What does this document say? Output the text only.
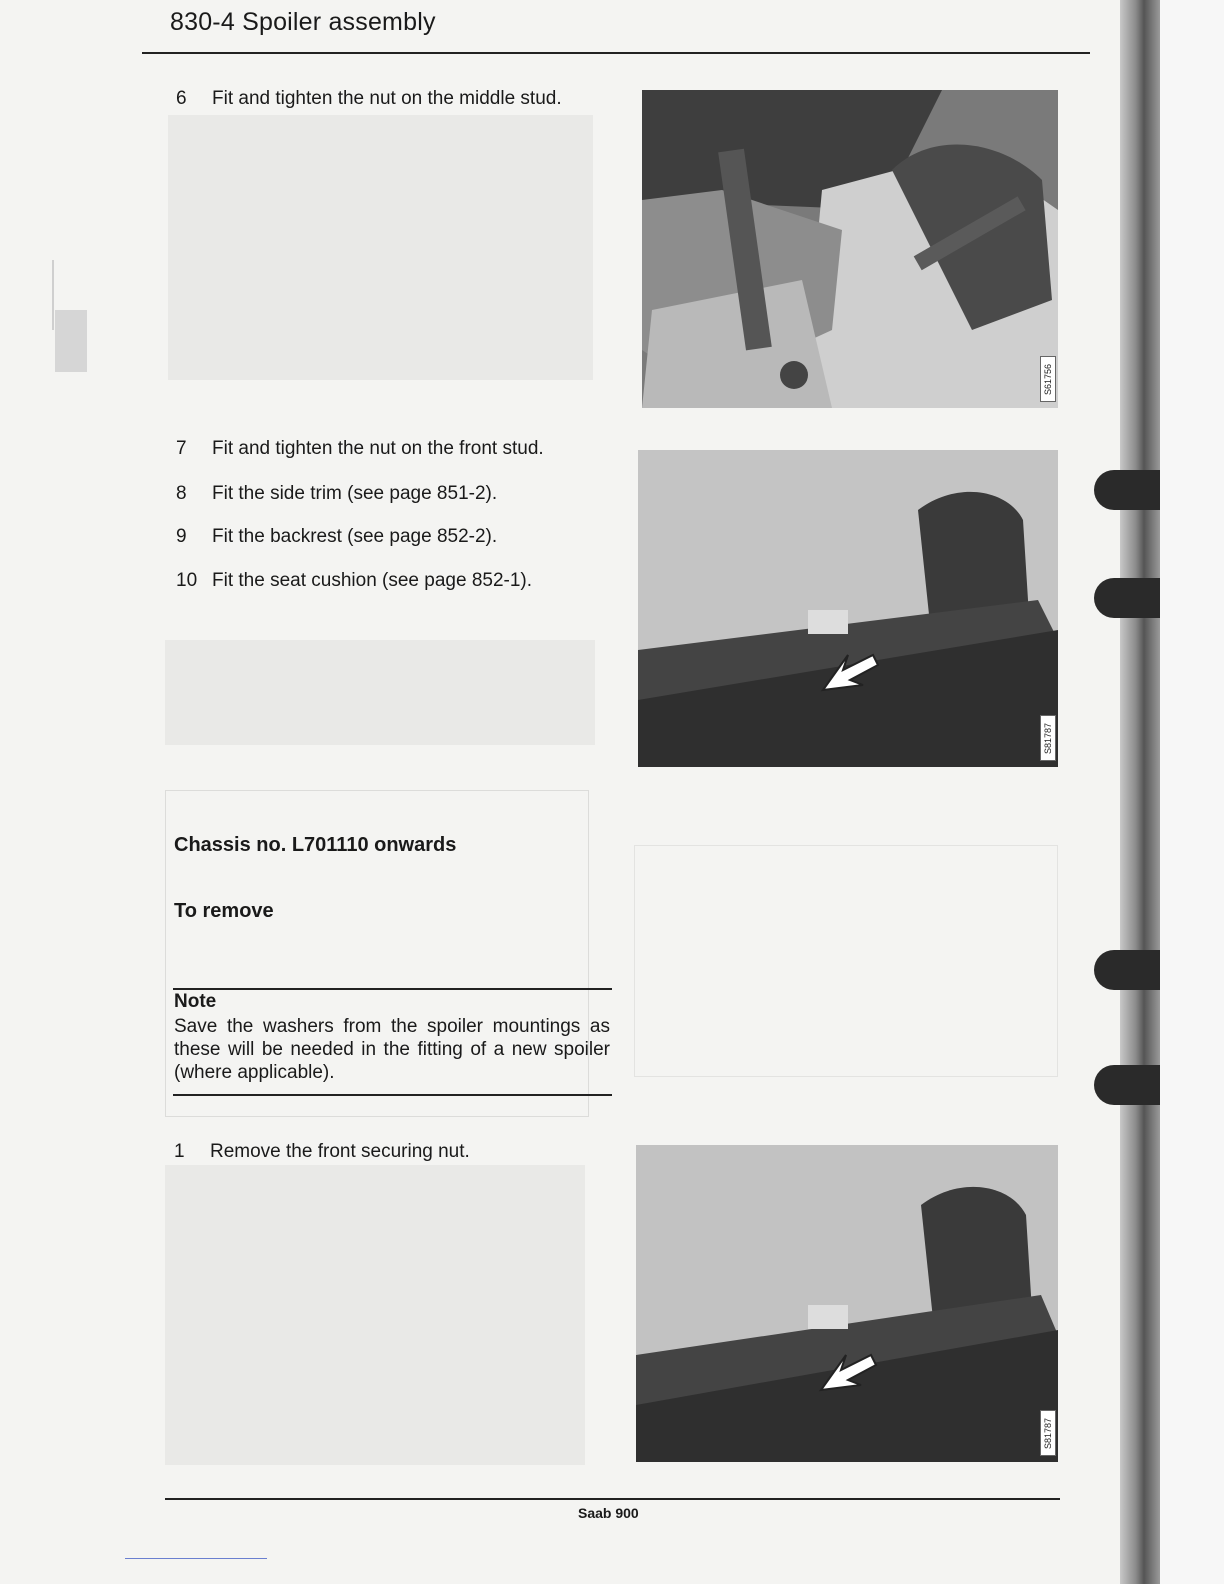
830-4 Spoiler assembly
6	Fit and tighten the nut on the middle stud.
7	Fit and tighten the nut on the front stud.
8	Fit the side trim (see page 851-2).
9	Fit the backrest (see page 852-2).
10 Fit the seat cushion (see page 852-1).
Chassis no. L701110 onwards
To remove
Note
Save the washers from the spoiler mountings as these will be needed in the fitting of a new spoiler (where applicable).
1	Remove the front securing nut.
S61756
S81787
S81787
Saab 900
